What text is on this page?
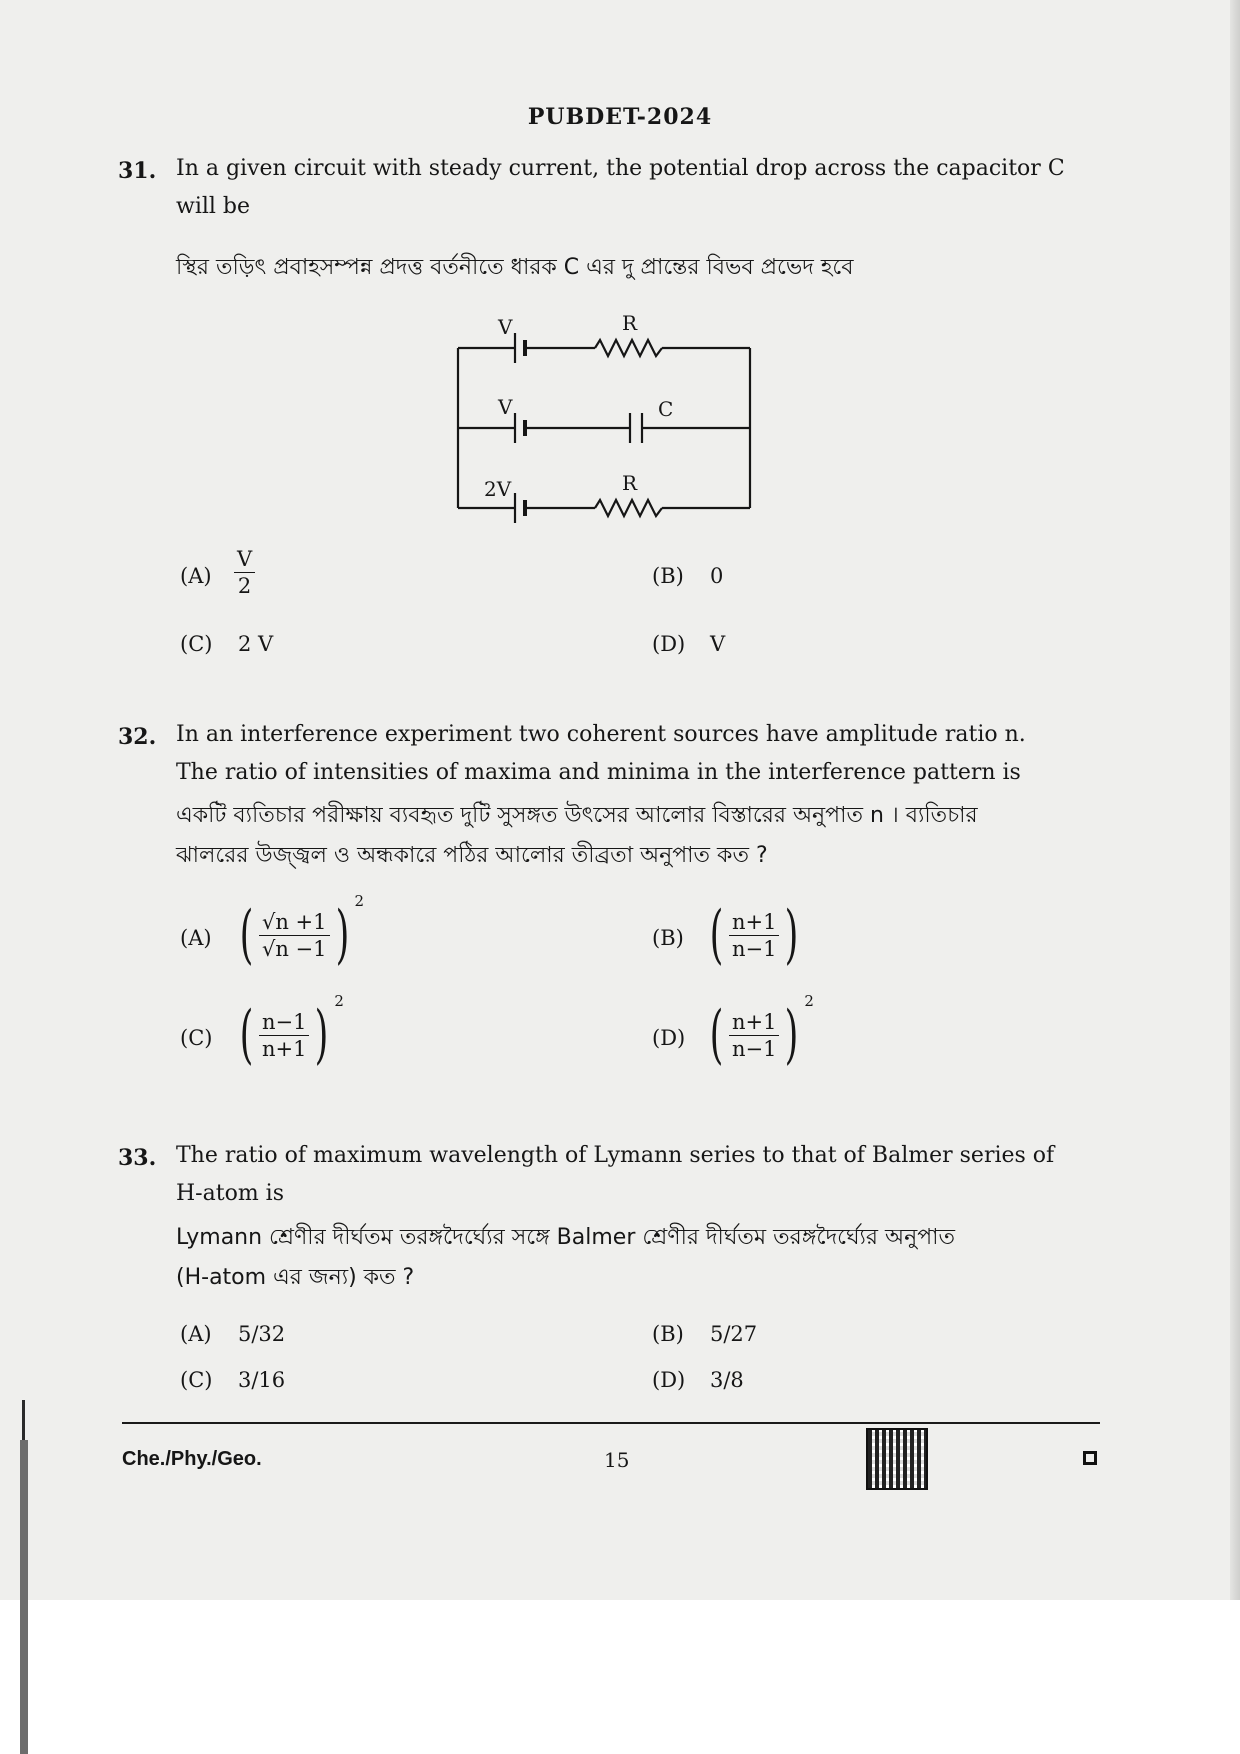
PUBDET-2024
31. In a given circuit with steady current, the potential drop across the capacitor C
will be
স্থির তড়িৎ প্রবাহসম্পন্ন প্রদত্ত বর্তনীতে ধারক C এর দু প্রান্তের বিভব প্রভেদ হবে
V
V
2V
R
C
R
$(A) \frac{V}{2}$	(B) 0
(C) 2 V	(D) V
32. In an interference experiment two coherent sources have amplitude ratio n.
The ratio of intensities of maxima and minima in the interference pattern is
একটি ব্যতিচার পরীক্ষায় ব্যবহৃত দুটি সুসঙ্গত উৎসের আলোর বিস্তারের অনুপাত n । ব্যতিচার
ঝালরের উজ্জ্বল ও অন্ধকারে পঠির আলোর তীব্রতা অনুপাত কত ?
(A) ( $\frac{√n +1}{√n -1}$ ) $^2$
(B) ( $\frac{n+1}{n-1}$ )
(C) ( $\frac{n-1}{n+1}$ ) $^2$
(D) ( $\frac{n+1}{n-1}$ ) $^2$
33. The ratio of maximum wavelength of Lymann series to that of Balmer series of
H-atom is
Lymann শ্রেণীর দীর্ঘতম তরঙ্গদৈর্ঘ্যের সঙ্গে Balmer শ্রেণীর দীর্ঘতম তরঙ্গদৈর্ঘ্যের অনুপাত
(H-atom এর জন্য) কত ?
(A) 5/32	(B) 5/27
(C) 3/16	(D) 3/8
Che./Phy./Geo.	15
